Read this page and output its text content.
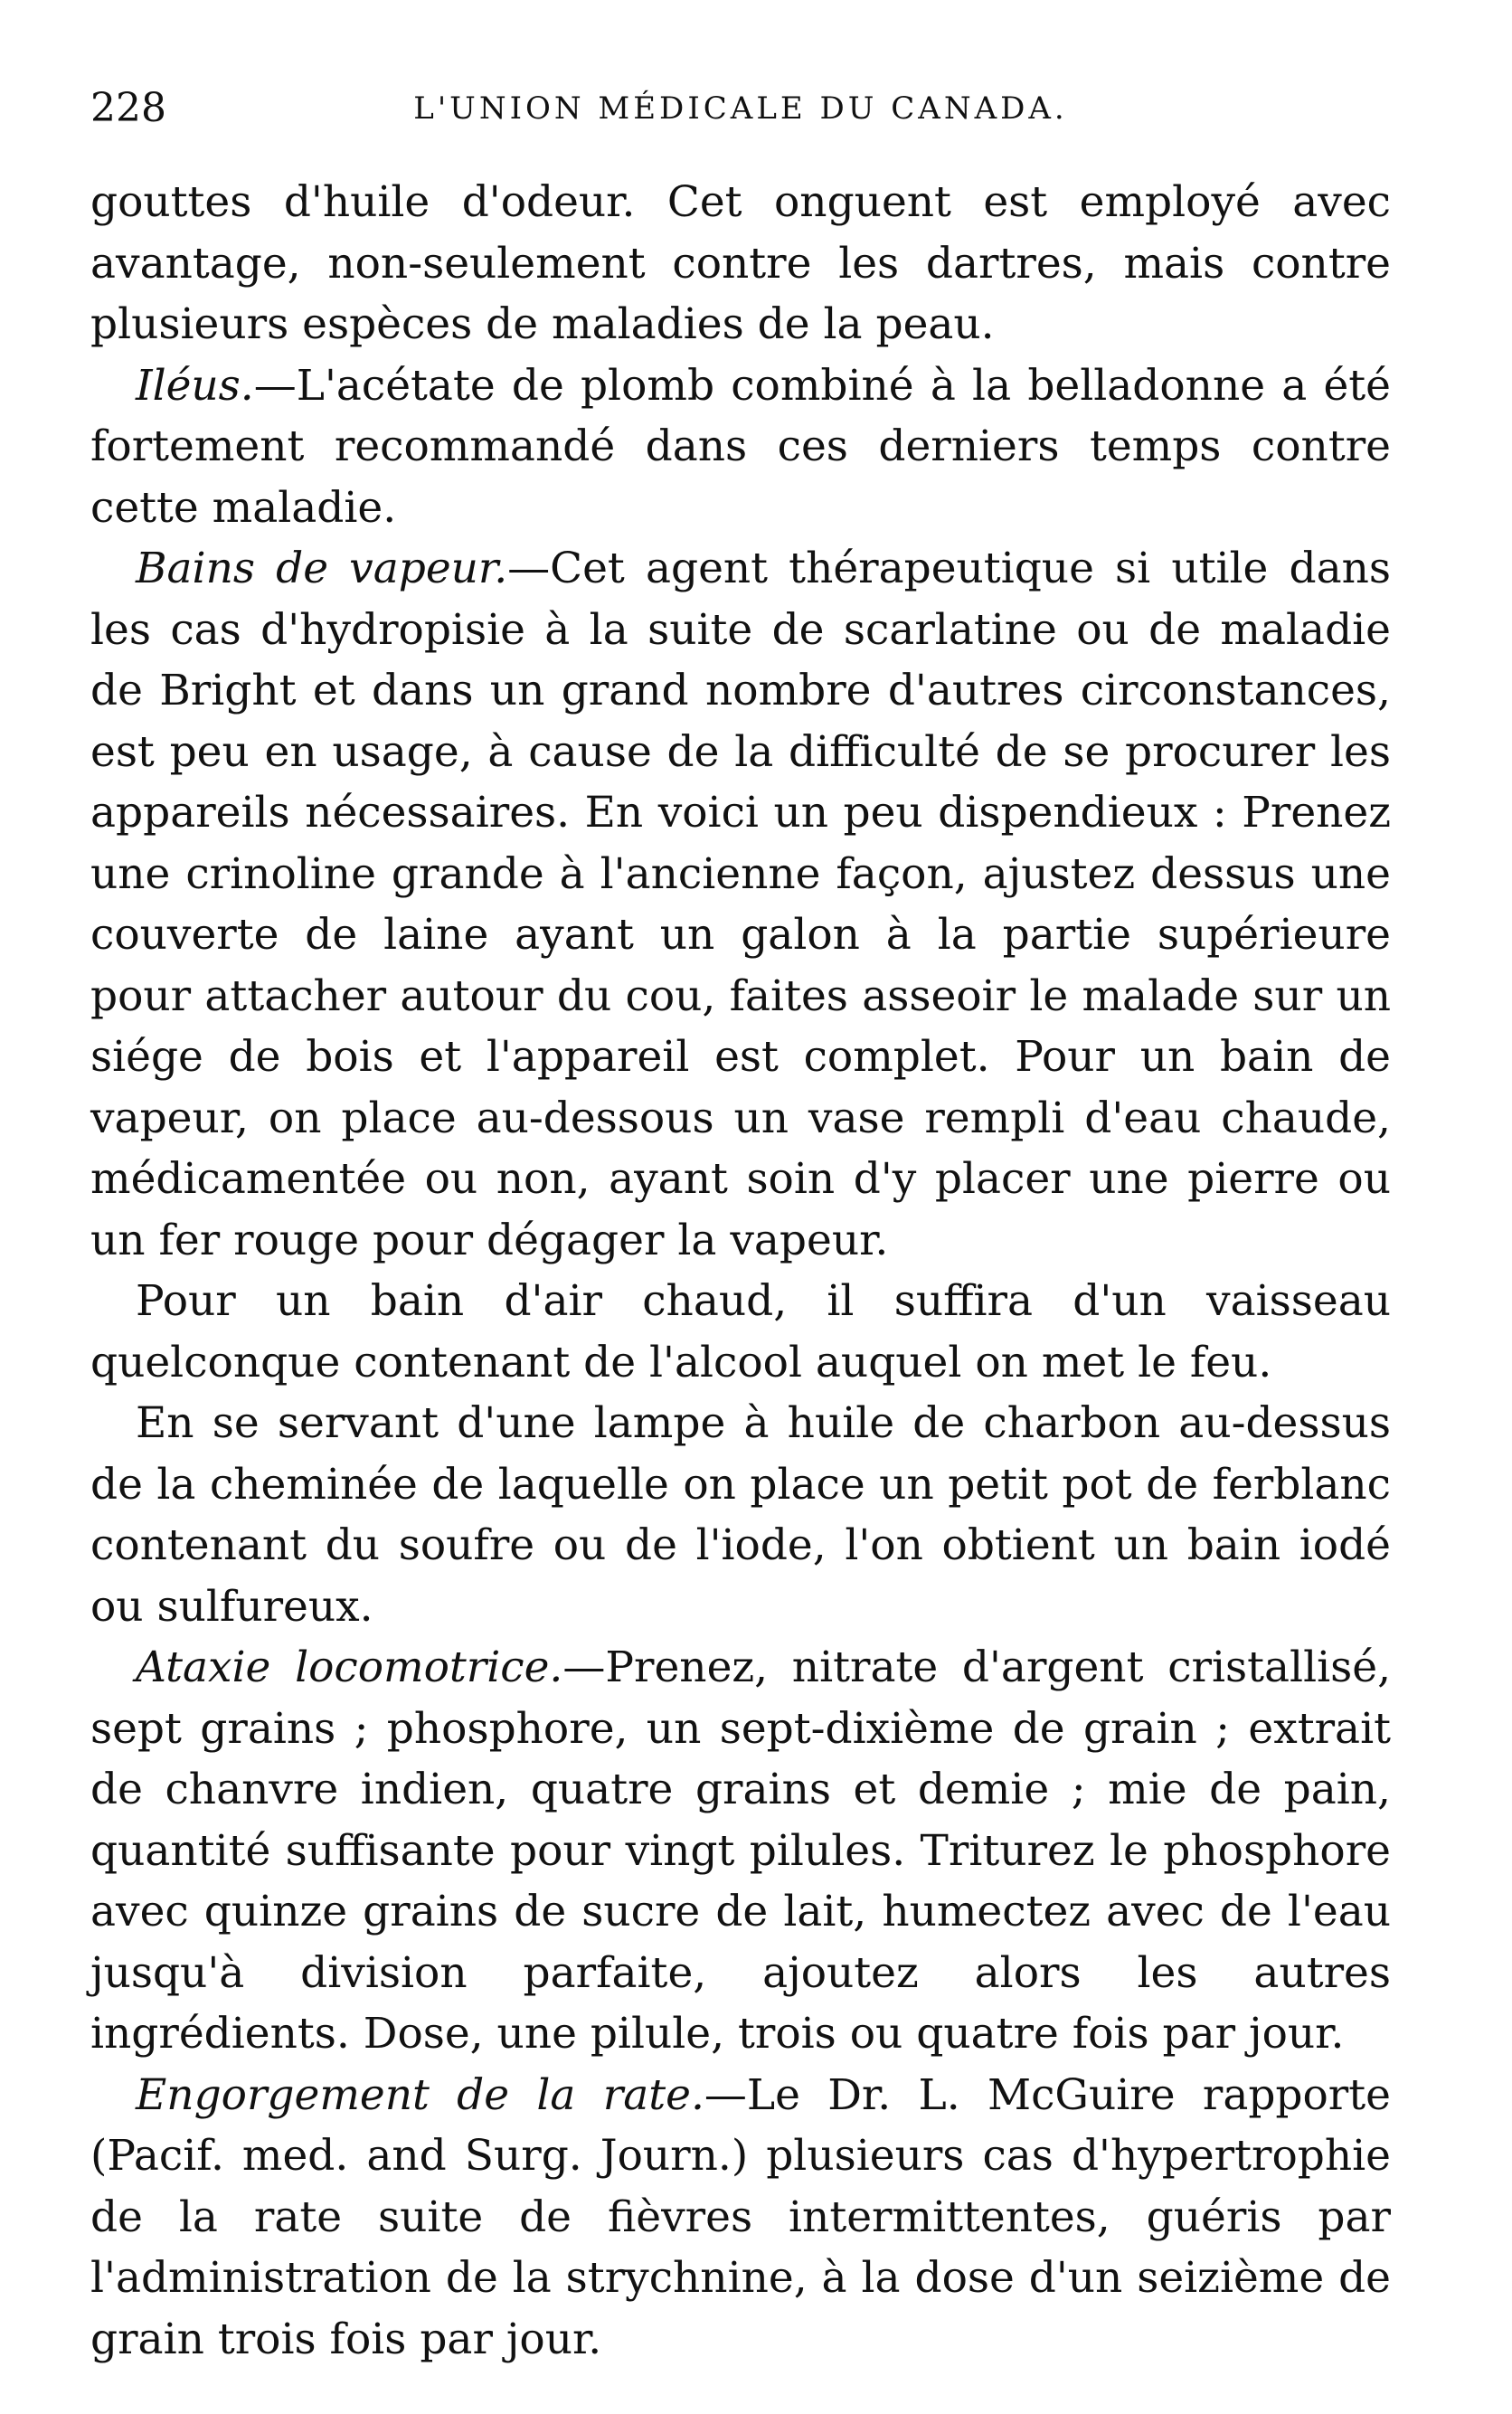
228	L'UNION MÉDICALE DU CANADA.

gouttes d'huile d'odeur. Cet onguent est employé avec avantage, non-seulement contre les dartres, mais contre plusieurs espèces de maladies de la peau.

Iléus.—L'acétate de plomb combiné à la belladonne a été fortement recommandé dans ces derniers temps contre cette maladie.

Bains de vapeur.—Cet agent thérapeutique si utile dans les cas d'hydropisie à la suite de scarlatine ou de maladie de Bright et dans un grand nombre d'autres circonstances, est peu en usage, à cause de la difficulté de se procurer les appareils nécessaires. En voici un peu dispendieux : Prenez une crinoline grande à l'ancienne façon, ajustez dessus une couverte de laine ayant un galon à la partie supérieure pour attacher autour du cou, faites asseoir le malade sur un siége de bois et l'appareil est complet. Pour un bain de vapeur, on place au-dessous un vase rempli d'eau chaude, médicamentée ou non, ayant soin d'y placer une pierre ou un fer rouge pour dégager la vapeur.

Pour un bain d'air chaud, il suffira d'un vaisseau quelconque contenant de l'alcool auquel on met le feu.

En se servant d'une lampe à huile de charbon au-dessus de la cheminée de laquelle on place un petit pot de ferblanc contenant du soufre ou de l'iode, l'on obtient un bain iodé ou sulfureux.

Ataxie locomotrice.—Prenez, nitrate d'argent cristallisé, sept grains ; phosphore, un sept-dixième de grain ; extrait de chanvre indien, quatre grains et demie ; mie de pain, quantité suffisante pour vingt pilules. Triturez le phosphore avec quinze grains de sucre de lait, humectez avec de l'eau jusqu'à division parfaite, ajoutez alors les autres ingrédients. Dose, une pilule, trois ou quatre fois par jour.

Engorgement de la rate.—Le Dr. L. McGuire rapporte (Pacif. med. and Surg. Journ.) plusieurs cas d'hypertrophie de la rate suite de fièvres intermittentes, guéris par l'administration de la strychnine, à la dose d'un seizième de grain trois fois par jour.
